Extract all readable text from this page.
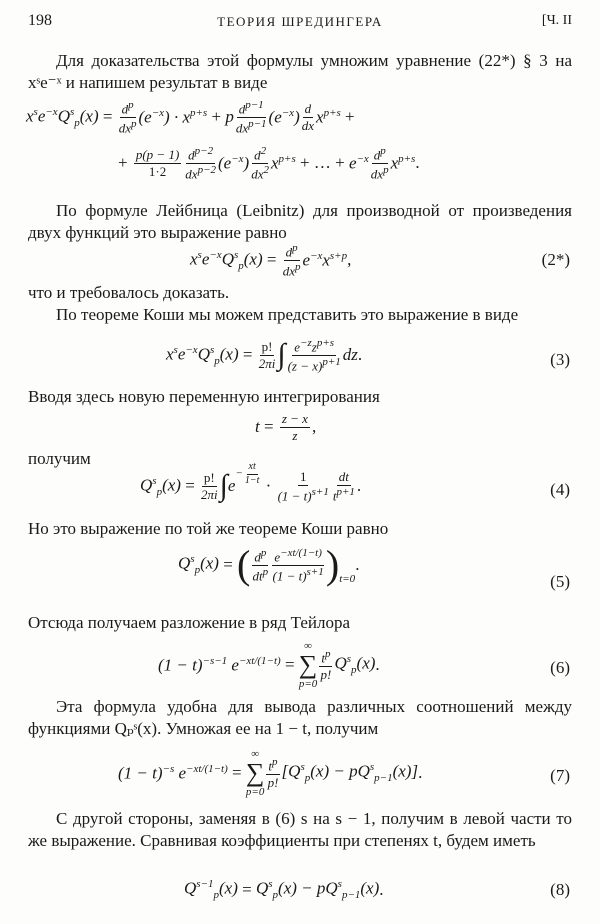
198	ТЕОРИЯ ШРЕДИНГЕРА	[Ч. II
Для доказательства этой формулы умножим уравнение (22*) § 3 на xˢe⁻ˣ и напишем результат в виде
$x^se^{-x}Q^s_p(x) = \frac{d^p}{dx^p} (e^{-x}) \cdot x^{p+s} + p \frac{d^{p-1}}{dx^{p-1}} (e^{-x}) \frac{d}{dx} x^{p+s}$ +
+ $\frac{p(p - 1)}{1\cdot 2} \frac{d^{p-2}}{dx^{p-2}} (e^{-x}) \frac{d^2}{dx^2} x^{p+s}$ + … + $e^{-x} \frac{d^p}{dx^p} x^{p+s}$ .
По формуле Лейбница (Leibnitz) для производной от произведения двух функций это выражение равно
$x^se^{-x}Q^s_p(x) = \frac{d^p}{dx^p} e^{-x}x^{s+p}$ ,	(2*)
что и требовалось доказать.
По теореме Коши мы можем представить это выражение в виде
$x^se^{-x}Q^s_p(x) = \frac{p!}{2\pi i}$ ∫ $\frac{e^{-z}z^{p+s}}{(z - x)^{p+1}}$ dz .	(3)
Вводя здесь новую переменную интегрирования
$t = \frac{z - x}{z}$ ,
получим
$Q^s_p(x) = \frac{p!}{2\pi i}$ ∫ e
$^{- \frac{xt}{1-t}} \cdot \frac{1}{(1 - t)^{s+1}} \frac{dt}{t^{p+1}}$ .	(4)
Но это выражение по той же теореме Коши равно
$Q^s_p(x)$ = ( $\frac{d^p}{dt^p} \frac{e^{-xt/(1-t)}}{(1 - t)^{s+1}} )_{t=0}$
.
(5)
Отсюда получаем разложение в ряд Тейлора
$(1 - t)^{-s-1}$ $e^{-xt/(1-t)}$ =
∞
∑
p=0
$\frac{t^p}{p!} Q^s_p(x)$ .	(6)
Эта формула удобна для вывода различных соотношений между функциями Qₚˢ(x). Умножая ее на 1 − t, получим
$(1 - t)^{-s}$ $e^{-xt/(1-t)}$ =
∞
∑
p=0
$\frac{t^p}{p!} [Q^s_p(x) - pQ^s_{p-1}(x)]$ .	(7)
С другой стороны, заменяя в (6) s на s − 1, получим в левой части то же выражение. Сравнивая коэффициенты при степенях t, будем иметь
$Q^{s-1}_p(x) = Q^s_p(x) - pQ^s_{p-1}(x)$ .	(8)
